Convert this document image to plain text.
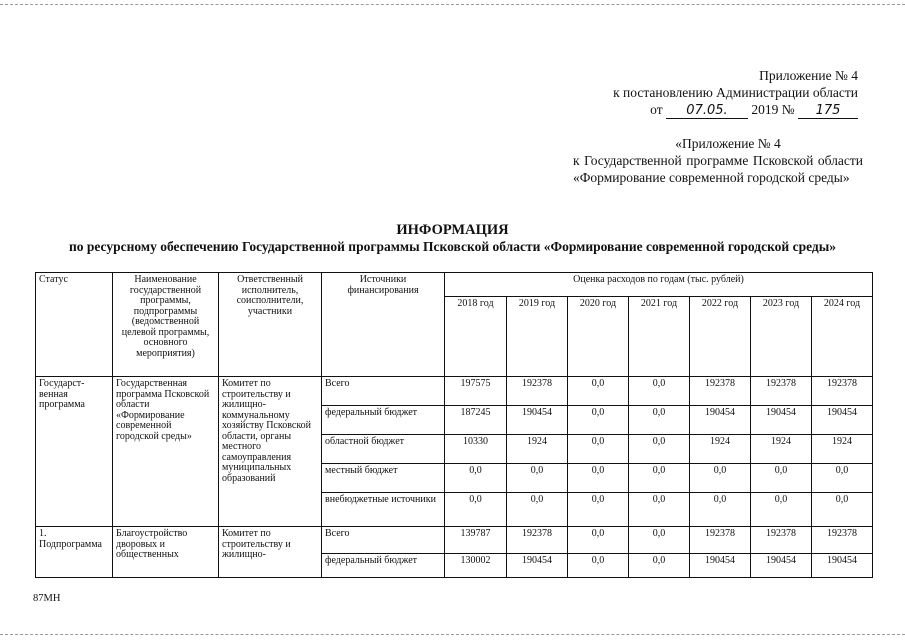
Приложение № 4
к постановлению Администрации области
от 07.05. 2019 № 175
«Приложение № 4
к Государственной программе Псковской области «Формирование современной городской среды»
ИНФОРМАЦИЯ
по ресурсному обеспечению Государственной программы Псковской области «Формирование современной городской среды»
Статус	Наименование государственной программы, подпрограммы (ведомственной целевой программы, основного мероприятия)	Ответственный исполнитель, соисполнители, участники	Источники финансирования	Оценка расходов по годам (тыс. рублей)						
				2018 год	2019 год	2020 год	2021 год	2022 год	2023 год	2024 год
Государст-венная программа	Государственная программа Псковской области «Формирование современной городской среды»	Комитет по строительству и жилищно-коммунальному хозяйству Псковской области, органы местного самоуправления муниципальных образований	Всего	197575	192378	0,0	0,0	192378	192378	192378
			федеральный бюджет	187245	190454	0,0	0,0	190454	190454	190454
			областной бюджет	10330	1924	0,0	0,0	1924	1924	1924
			местный бюджет	0,0	0,0	0,0	0,0	0,0	0,0	0,0
			внебюджетные источники	0,0	0,0	0,0	0,0	0,0	0,0	0,0
1. Подпрограмма	Благоустройство дворовых и общественных	Комитет по строительству и жилищно-	Всего	139787	192378	0,0	0,0	192378	192378	192378
			федеральный бюджет	130002	190454	0,0	0,0	190454	190454	190454
87МН
